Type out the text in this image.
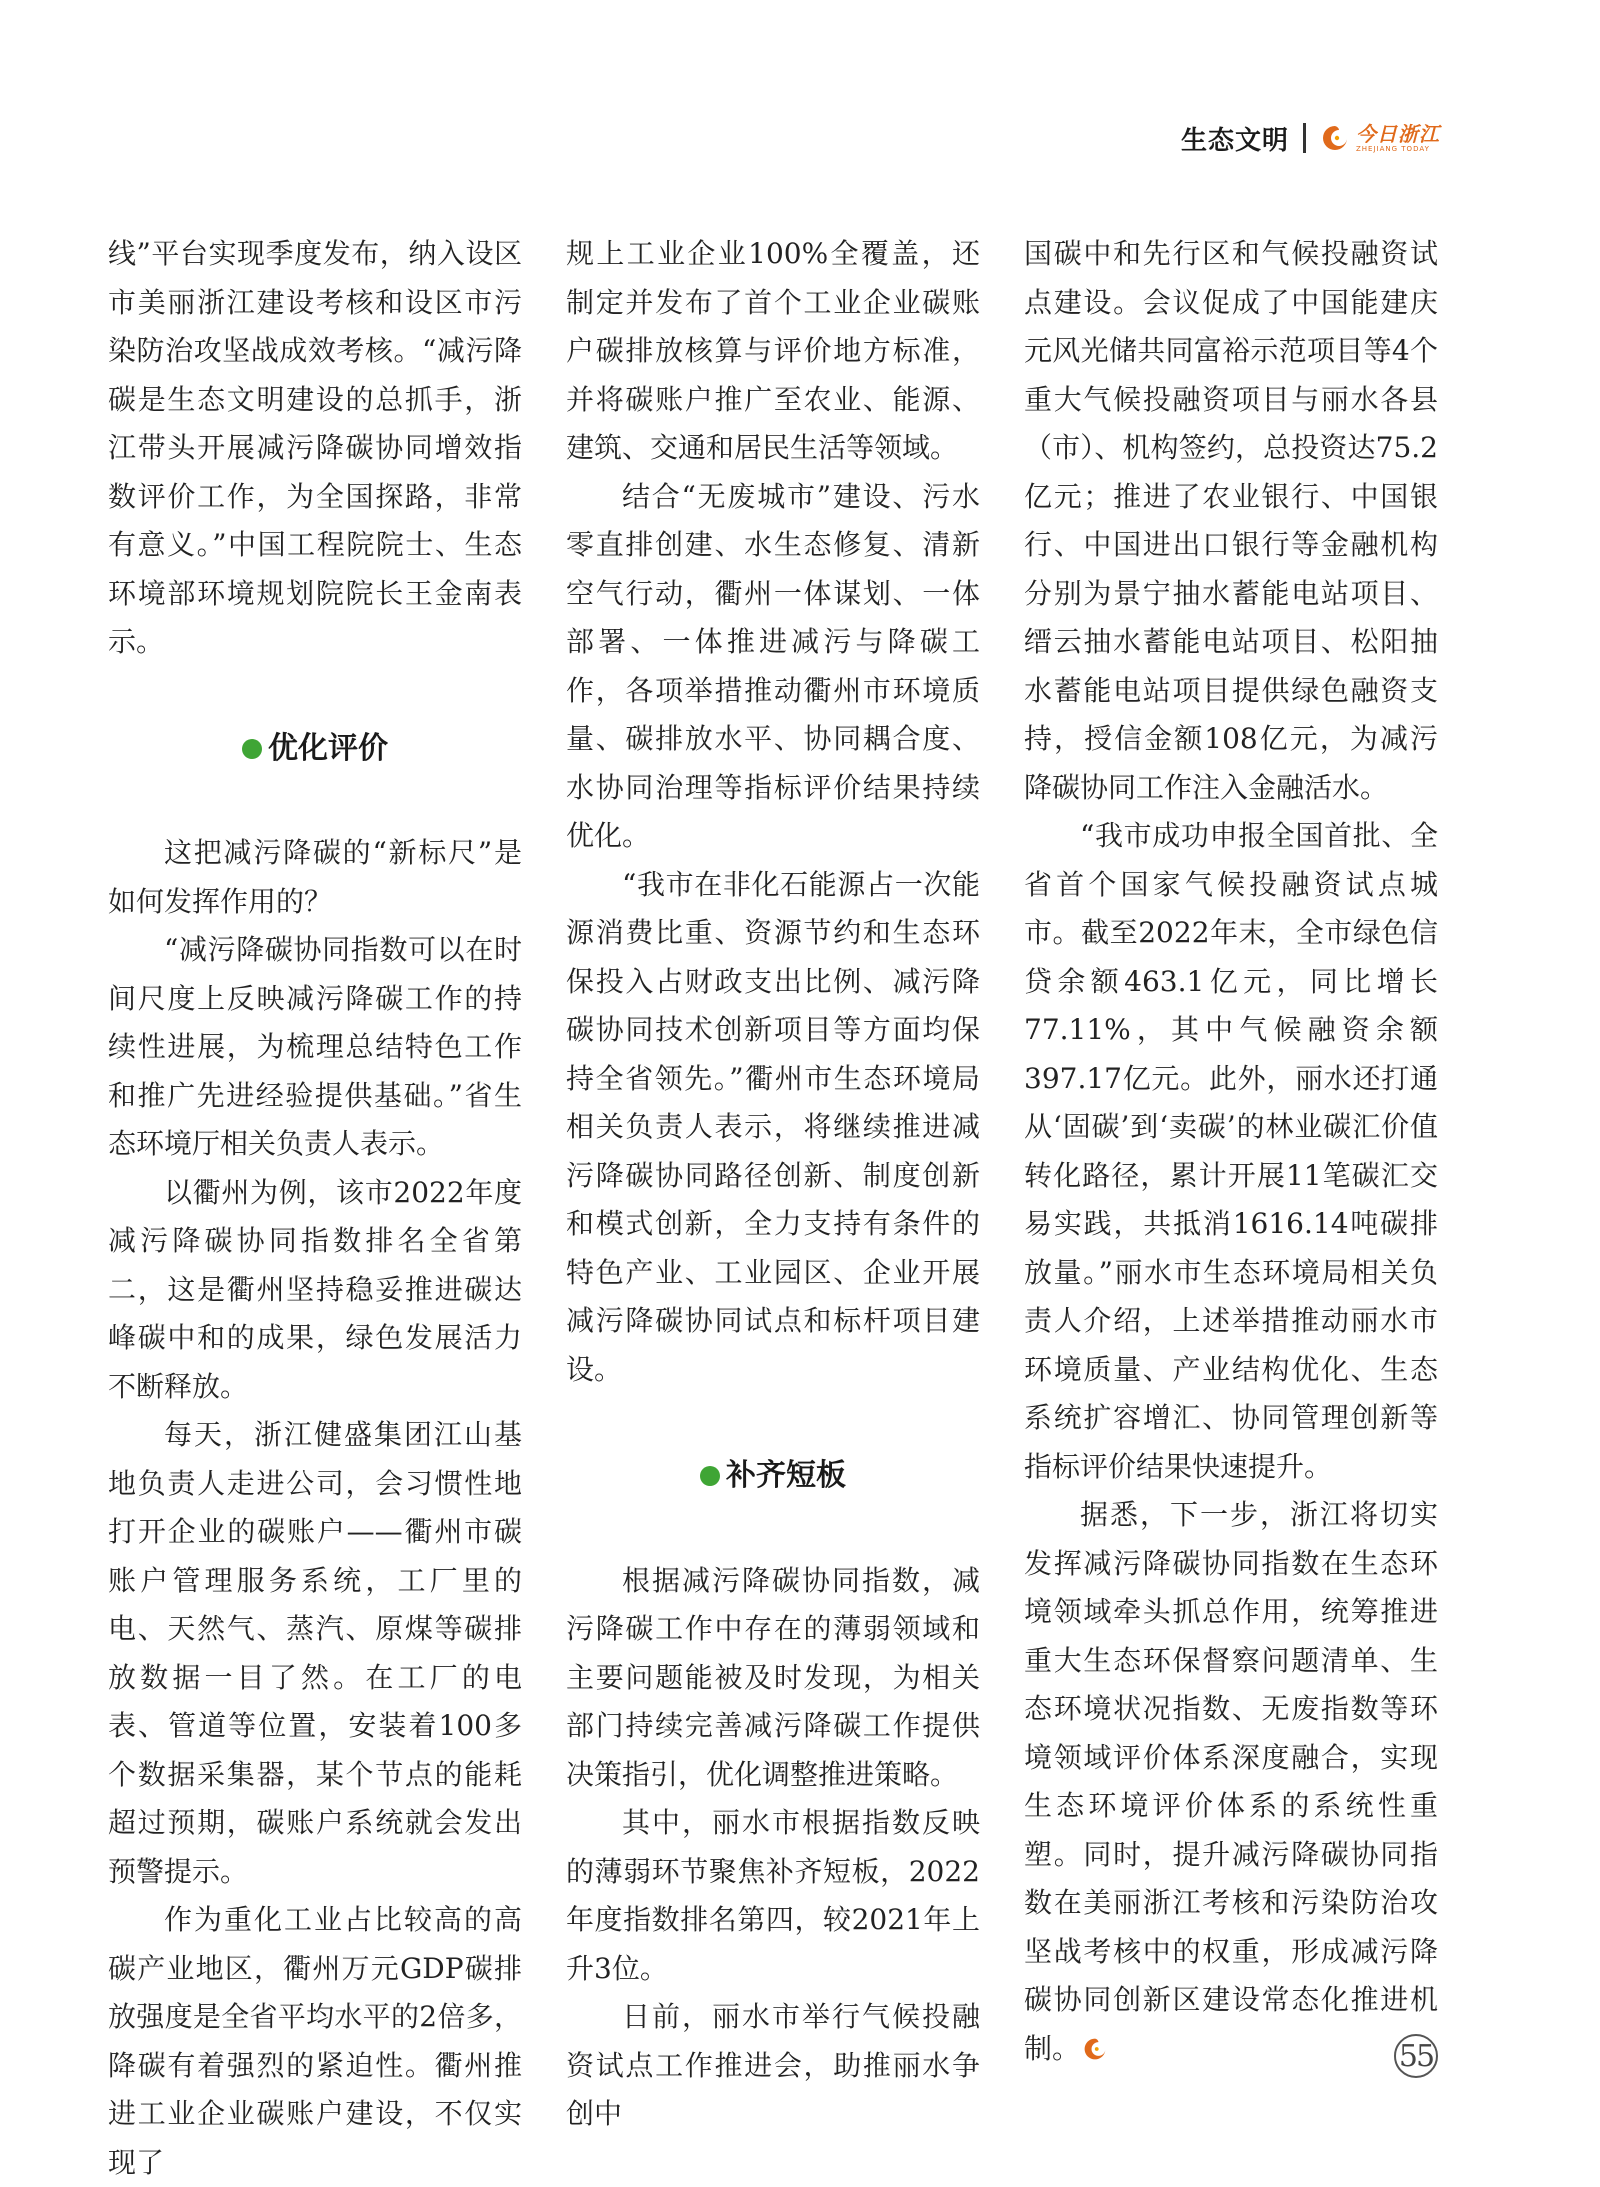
生态文明	今日浙江
ZHEJIANG TODAY

线”平台实现季度发布，纳入设区市美丽浙江建设考核和设区市污染防治攻坚战成效考核。“减污降碳是生态文明建设的总抓手，浙江带头开展减污降碳协同增效指数评价工作，为全国探路，非常有意义。”中国工程院院士、生态环境部环境规划院院长王金南表示。

优化评价

这把减污降碳的“新标尺”是如何发挥作用的？

“减污降碳协同指数可以在时间尺度上反映减污降碳工作的持续性进展，为梳理总结特色工作和推广先进经验提供基础。”省生态环境厅相关负责人表示。

以衢州为例，该市2022年度减污降碳协同指数排名全省第二，这是衢州坚持稳妥推进碳达峰碳中和的成果，绿色发展活力不断释放。

每天，浙江健盛集团江山基地负责人走进公司，会习惯性地打开企业的碳账户——衢州市碳账户管理服务系统，工厂里的电、天然气、蒸汽、原煤等碳排放数据一目了然。在工厂的电表、管道等位置，安装着100多个数据采集器，某个节点的能耗超过预期，碳账户系统就会发出预警提示。

作为重化工业占比较高的高碳产业地区，衢州万元GDP碳排放强度是全省平均水平的2倍多，降碳有着强烈的紧迫性。衢州推进工业企业碳账户建设，不仅实现了

规上工业企业100%全覆盖，还制定并发布了首个工业企业碳账户碳排放核算与评价地方标准，并将碳账户推广至农业、能源、建筑、交通和居民生活等领域。

结合“无废城市”建设、污水零直排创建、水生态修复、清新空气行动，衢州一体谋划、一体部署、一体推进减污与降碳工作，各项举措推动衢州市环境质量、碳排放水平、协同耦合度、水协同治理等指标评价结果持续优化。

“我市在非化石能源占一次能源消费比重、资源节约和生态环保投入占财政支出比例、减污降碳协同技术创新项目等方面均保持全省领先。”衢州市生态环境局相关负责人表示，将继续推进减污降碳协同路径创新、制度创新和模式创新，全力支持有条件的特色产业、工业园区、企业开展减污降碳协同试点和标杆项目建设。

补齐短板

根据减污降碳协同指数，减污降碳工作中存在的薄弱领域和主要问题能被及时发现，为相关部门持续完善减污降碳工作提供决策指引，优化调整推进策略。

其中，丽水市根据指数反映的薄弱环节聚焦补齐短板，2022年度指数排名第四，较2021年上升3位。

日前，丽水市举行气候投融资试点工作推进会，助推丽水争创中

国碳中和先行区和气候投融资试点建设。会议促成了中国能建庆元风光储共同富裕示范项目等4个重大气候投融资项目与丽水各县（市）、机构签约，总投资达75.2亿元；推进了农业银行、中国银行、中国进出口银行等金融机构分别为景宁抽水蓄能电站项目、缙云抽水蓄能电站项目、松阳抽水蓄能电站项目提供绿色融资支持，授信金额108亿元，为减污降碳协同工作注入金融活水。

“我市成功申报全国首批、全省首个国家气候投融资试点城市。截至2022年末，全市绿色信贷余额463.1亿元，同比增长77.11%，其中气候融资余额397.17亿元。此外，丽水还打通从‘固碳’到‘卖碳’的林业碳汇价值转化路径，累计开展11笔碳汇交易实践，共抵消1616.14吨碳排放量。”丽水市生态环境局相关负责人介绍，上述举措推动丽水市环境质量、产业结构优化、生态系统扩容增汇、协同管理创新等指标评价结果快速提升。

据悉，下一步，浙江将切实发挥减污降碳协同指数在生态环境领域牵头抓总作用，统筹推进重大生态环保督察问题清单、生态环境状况指数、无废指数等环境领域评价体系深度融合，实现生态环境评价体系的系统性重塑。同时，提升减污降碳协同指数在美丽浙江考核和污染防治攻坚战考核中的权重，形成减污降碳协同创新区建设常态化推进机制。	55
